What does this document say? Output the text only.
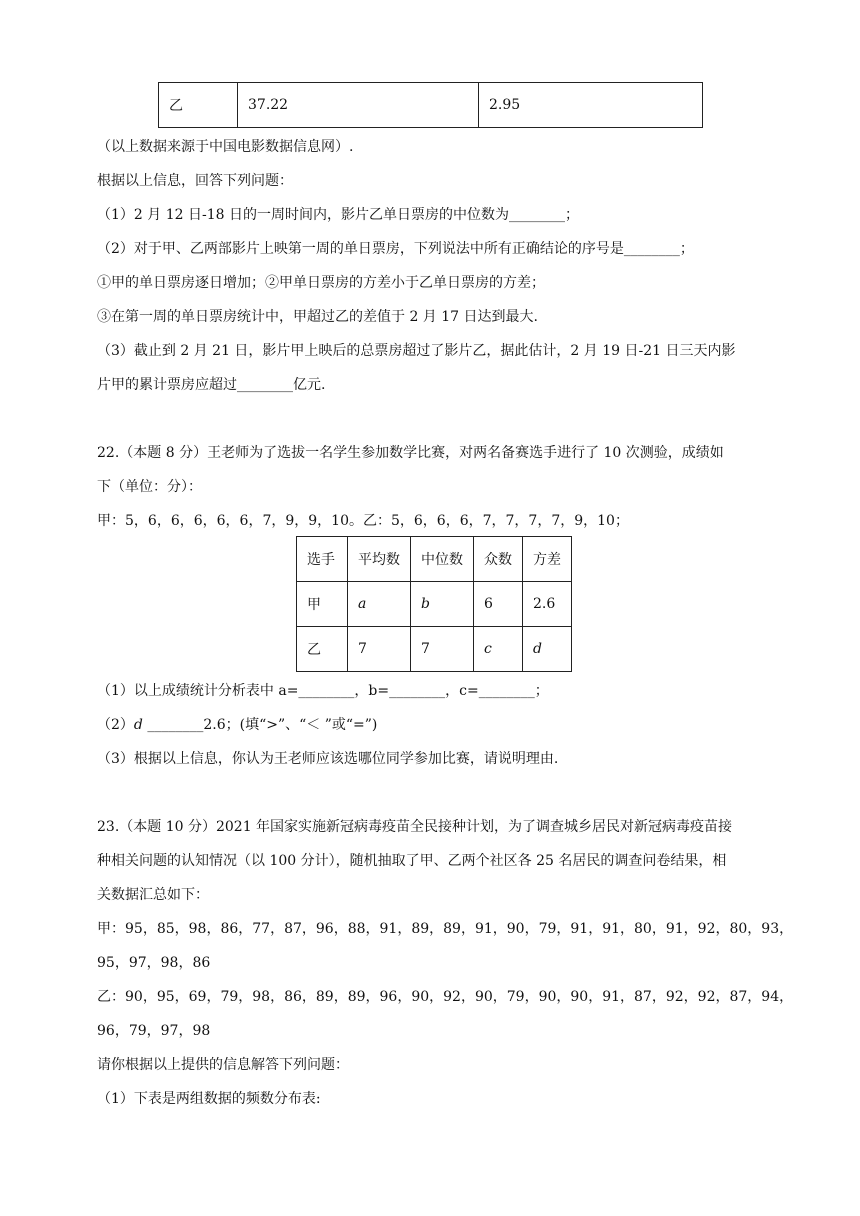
乙	37.22	2.95
（以上数据来源于中国电影数据信息网）.
根据以上信息，回答下列问题：
（1）2 月 12 日-18 日的一周时间内，影片乙单日票房的中位数为________；
（2）对于甲、乙两部影片上映第一周的单日票房，下列说法中所有正确结论的序号是________；
①甲的单日票房逐日增加；②甲单日票房的方差小于乙单日票房的方差；
③在第一周的单日票房统计中，甲超过乙的差值于 2 月 17 日达到最大.
（3）截止到 2 月 21 日，影片甲上映后的总票房超过了影片乙，据此估计，2 月 19 日-21 日三天内影
片甲的累计票房应超过________亿元.
22.（本题 8 分）王老师为了选拔一名学生参加数学比赛，对两名备赛选手进行了 10 次测验，成绩如
下（单位：分）：
甲：5，6，6，6，6，6，7，9，9，10。乙：5，6，6，6，7，7，7，7，9，10；
选手	平均数	中位数	众数	方差
甲	a	b	6	2.6
乙	7	7	c	d
（1）以上成绩统计分析表中 a=________，b=________，c=________；
（2）d ________2.6；(填“>”、“＜ ”或“=”)
（3）根据以上信息，你认为王老师应该选哪位同学参加比赛，请说明理由.
23.（本题 10 分）2021 年国家实施新冠病毒疫苗全民接种计划，为了调查城乡居民对新冠病毒疫苗接
种相关问题的认知情况（以 100 分计），随机抽取了甲、乙两个社区各 25 名居民的调查问卷结果，相
关数据汇总如下：
甲：95，85，98，86，77，87，96，88，91，89，89，91，90，79，91，91，80，91，92，80，93，
95，97，98，86
乙：90，95，69，79，98，86，89，89，96，90，92，90，79，90，90，91，87，92，92，87，94，
96，79，97，98
请你根据以上提供的信息解答下列问题：
（1）下表是两组数据的频数分布表:
